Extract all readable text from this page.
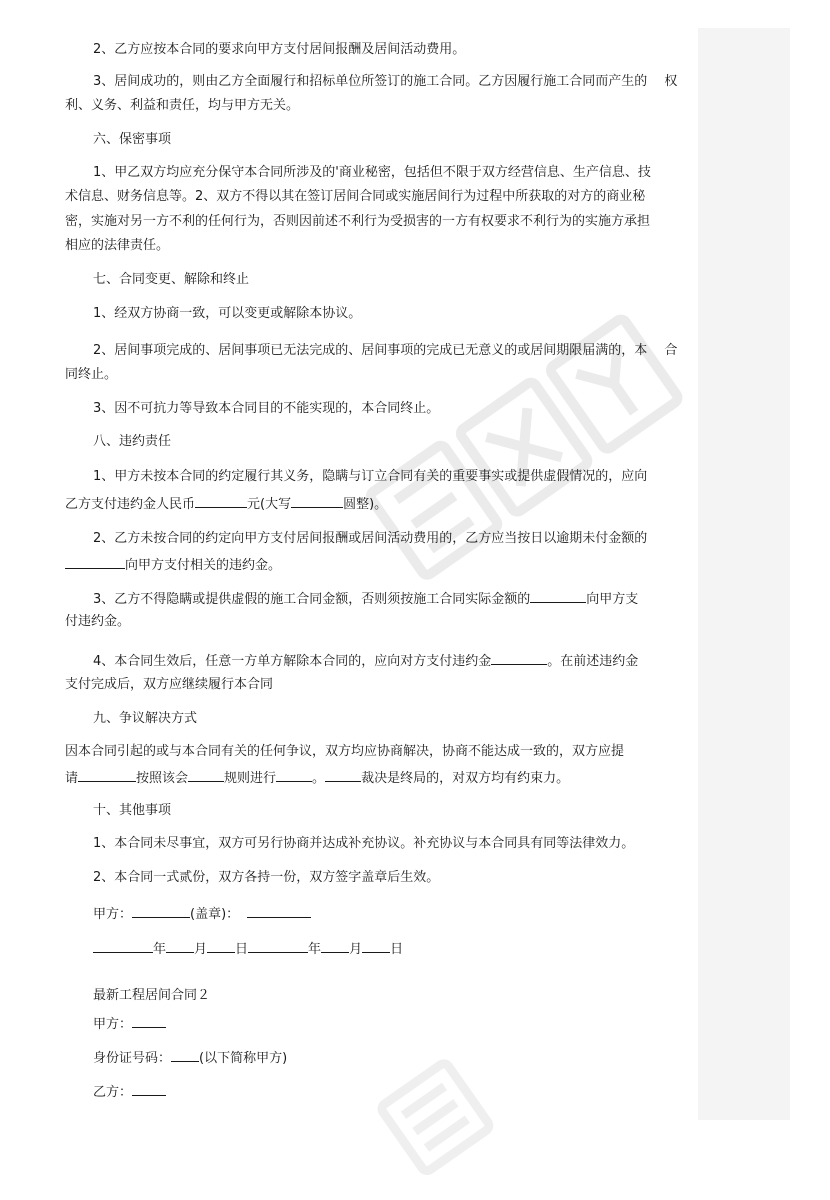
2、乙方应按本合同的要求向甲方支付居间报酬及居间活动费用。
3、居间成功的，则由乙方全面履行和招标单位所签订的施工合同。乙方因履行施工合同而产生的　 权
利、义务、利益和责任，均与甲方无关。
六、保密事项
1、甲乙双方均应充分保守本合同所涉及的'商业秘密，包括但不限于双方经营信息、生产信息、技
术信息、财务信息等。2、双方不得以其在签订居间合同或实施居间行为过程中所获取的对方的商业秘
密，实施对另一方不利的任何行为，否则因前述不利行为受损害的一方有权要求不利行为的实施方承担
相应的法律责任。
七、合同变更、解除和终止
1、经双方协商一致，可以变更或解除本协议。
2、居间事项完成的、居间事项已无法完成的、居间事项的完成已无意义的或居间期限届满的，本　 合
同终止。
3、因不可抗力等导致本合同目的不能实现的，本合同终止。
八、违约责任
1、甲方未按本合同的约定履行其义务，隐瞒与订立合同有关的重要事实或提供虚假情况的，应向
乙方支付违约金人民币	元(大写	圆整)。
2、乙方未按合同的约定向甲方支付居间报酬或居间活动费用的，乙方应当按日以逾期未付金额的
向甲方支付相关的违约金。
3、乙方不得隐瞒或提供虚假的施工合同金额，否则须按施工合同实际金额的	向甲方支
付违约金。
4、本合同生效后，任意一方单方解除本合同的，应向对方支付违约金	。在前述违约金
支付完成后，双方应继续履行本合同
九、争议解决方式
因本合同引起的或与本合同有关的任何争议，双方均应协商解决，协商不能达成一致的，双方应提
请	按照该会	规则进行	。	裁决是终局的，对双方均有约束力。
十、其他事项
1、本合同未尽事宜，双方可另行协商并达成补充协议。补充协议与本合同具有同等法律效力。
2、本合同一式贰份，双方各持一份，双方签字盖章后生效。
甲方：	(盖章)：
年 月 日	年 月 日
最新工程居间合同２
甲方：
身份证号码： (以下简称甲方)
乙方：
